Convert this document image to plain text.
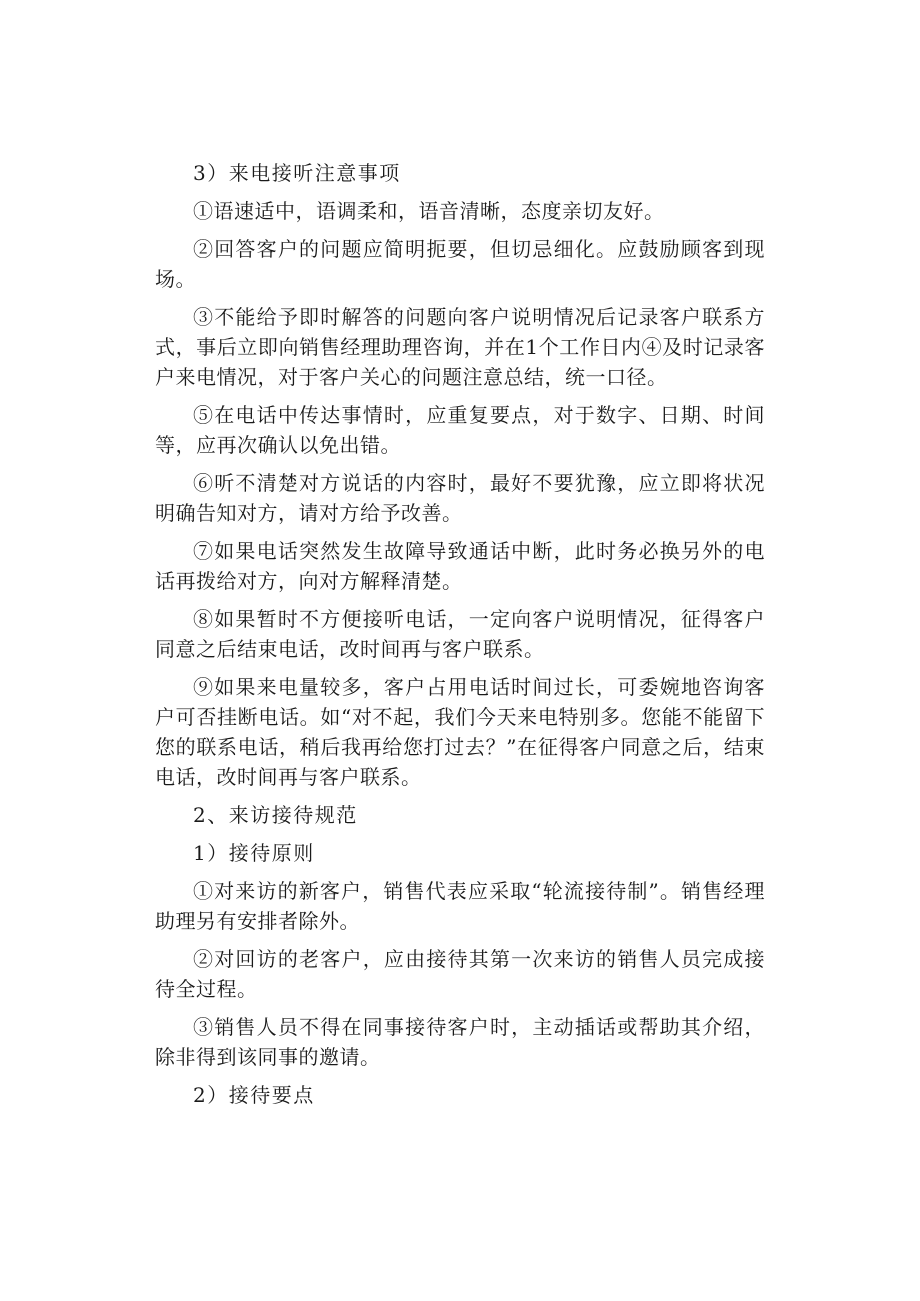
3）来电接听注意事项

①语速适中，语调柔和，语音清晰，态度亲切友好。

②回答客户的问题应简明扼要，但切忌细化。应鼓励顾客到现场。

③不能给予即时解答的问题向客户说明情况后记录客户联系方式，事后立即向销售经理助理咨询，并在1个工作日内④及时记录客户来电情况，对于客户关心的问题注意总结，统一口径。

⑤在电话中传达事情时，应重复要点，对于数字、日期、时间等，应再次确认以免出错。

⑥听不清楚对方说话的内容时，最好不要犹豫，应立即将状况明确告知对方，请对方给予改善。

⑦如果电话突然发生故障导致通话中断，此时务必换另外的电话再拨给对方，向对方解释清楚。

⑧如果暂时不方便接听电话，一定向客户说明情况，征得客户同意之后结束电话，改时间再与客户联系。

⑨如果来电量较多，客户占用电话时间过长，可委婉地咨询客户可否挂断电话。如“对不起，我们今天来电特别多。您能不能留下您的联系电话，稍后我再给您打过去？”在征得客户同意之后，结束电话，改时间再与客户联系。

2、来访接待规范

1）接待原则

①对来访的新客户，销售代表应采取“轮流接待制”。销售经理助理另有安排者除外。

②对回访的老客户，应由接待其第一次来访的销售人员完成接待全过程。

③销售人员不得在同事接待客户时，主动插话或帮助其介绍，除非得到该同事的邀请。

2）接待要点
